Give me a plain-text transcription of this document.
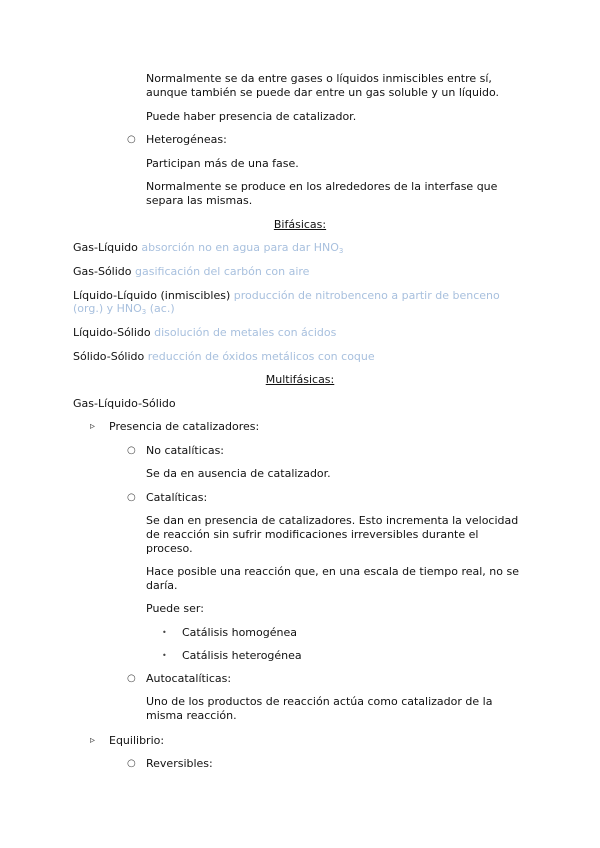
Normalmente se da entre gases o líquidos inmiscibles entre sí,
aunque también se puede dar entre un gas soluble y un líquido.
Puede haber presencia de catalizador.
○ Heterogéneas:
Participan más de una fase.
Normalmente se produce en los alrededores de la interfase que
separa las mismas.
Bifásicas:
Gas-Líquido absorción no en agua para dar $HNO_3$
Gas-Sólido gasificación del carbón con aire
Líquido-Líquido (inmiscibles) producción de nitrobenceno a partir de benceno
(org.) y $HNO_3$ (ac.)
Líquido-Sólido disolución de metales con ácidos
Sólido-Sólido reducción de óxidos metálicos con coque
Multifásicas:
Gas-Líquido-Sólido
▹ Presencia de catalizadores:
○ No catalíticas:
Se da en ausencia de catalizador.
○ Catalíticas:
Se dan en presencia de catalizadores. Esto incrementa la velocidad
de reacción sin sufrir modificaciones irreversibles durante el
proceso.
Hace posible una reacción que, en una escala de tiempo real, no se
daría.
Puede ser:
• Catálisis homogénea
• Catálisis heterogénea
○ Autocatalíticas:
Uno de los productos de reacción actúa como catalizador de la
misma reacción.
▹ Equilibrio:
○ Reversibles:
